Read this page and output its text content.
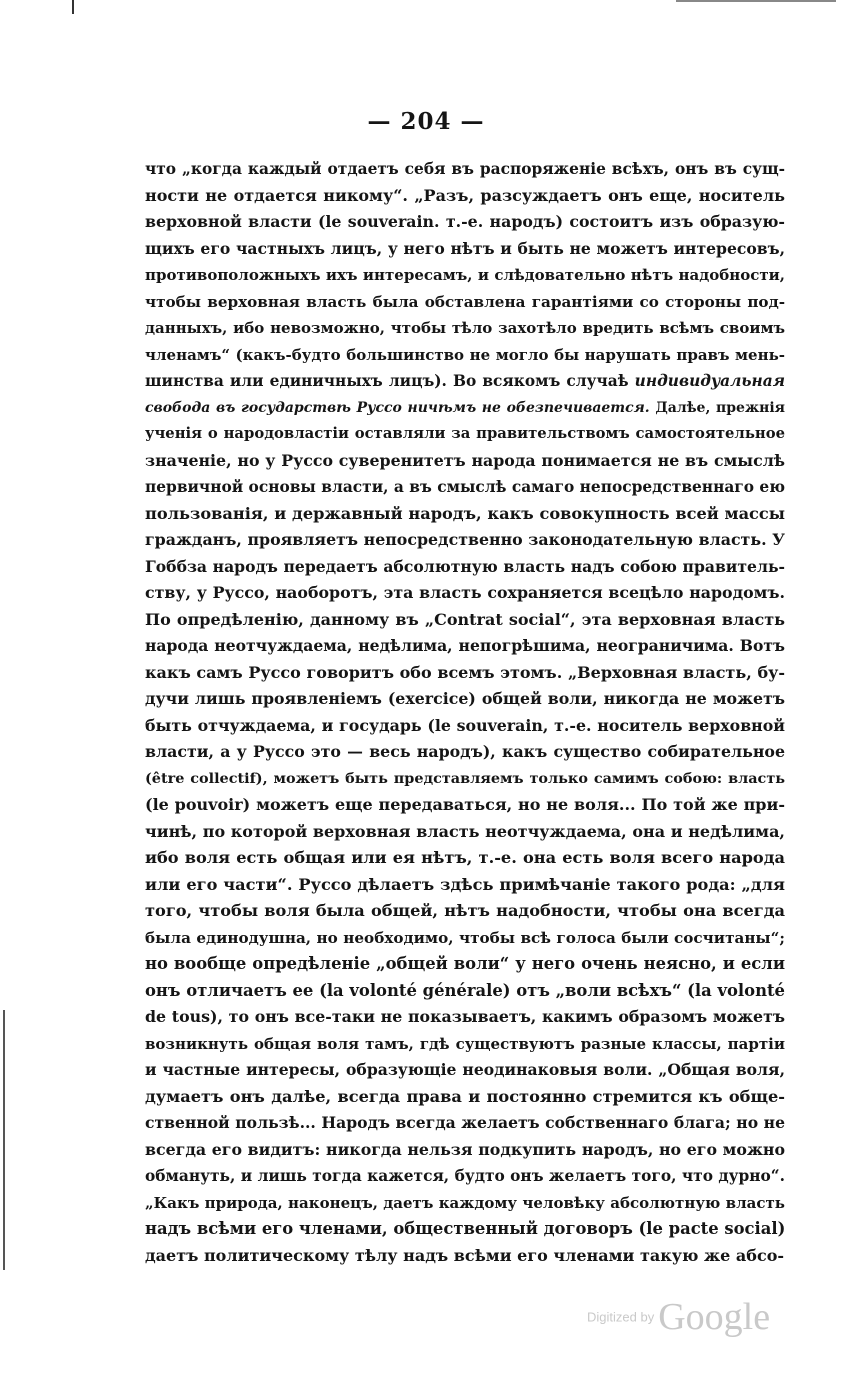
— 204 —
что „когда каждый отдаетъ себя въ распоряженіе всѣхъ, онъ въ сущ-
ности не отдается никому“. „Разъ, разсуждаетъ онъ еще, носитель
верховной власти (le souverain. т.-е. народъ) состоитъ изъ образую-
щихъ его частныхъ лицъ, у него нѣтъ и быть не можетъ интересовъ,
противоположныхъ ихъ интересамъ, и слѣдовательно нѣтъ надобности,
чтобы верховная власть была обставлена гарантіями со стороны под-
данныхъ, ибо невозможно, чтобы тѣло захотѣло вредить всѣмъ своимъ
членамъ“ (какъ-будто большинство не могло бы нарушать правъ мень-
шинства или единичныхъ лицъ). Во всякомъ случаѣ индивидуальная
свобода въ государствѣ Руссо ничѣмъ не обезпечивается. Далѣе, прежнія
ученія о народовластіи оставляли за правительствомъ самостоятельное
значеніе, но у Руссо суверенитетъ народа понимается не въ смыслѣ
первичной основы власти, а въ смыслѣ самаго непосредственнаго ею
пользованія, и державный народъ, какъ совокупность всей массы
гражданъ, проявляетъ непосредственно законодательную власть. У
Гоббза народъ передаетъ абсолютную власть надъ собою правитель-
ству, у Руссо, наоборотъ, эта власть сохраняется всецѣло народомъ.
По опредѣленію, данному въ „Contrat social“, эта верховная власть
народа неотчуждаема, недѣлима, непогрѣшима, неограничима. Вотъ
какъ самъ Руссо говоритъ обо всемъ этомъ. „Верховная власть, бу-
дучи лишь проявленіемъ (exercice) общей воли, никогда не можетъ
быть отчуждаема, и государь (le souverain, т.-е. носитель верховной
власти, а у Руссо это — весь народъ), какъ существо собирательное
(être collectif), можетъ быть представляемъ только самимъ собою: власть
(le pouvoir) можетъ еще передаваться, но не воля... По той же при-
чинѣ, по которой верховная власть неотчуждаема, она и недѣлима,
ибо воля есть общая или ея нѣтъ, т.-е. она есть воля всего народа
или его части“. Руссо дѣлаетъ здѣсь примѣчаніе такого рода: „для
того, чтобы воля была общей, нѣтъ надобности, чтобы она всегда
была единодушна, но необходимо, чтобы всѣ голоса были сосчитаны“;
но вообще опредѣленіе „общей воли“ у него очень неясно, и если
онъ отличаетъ ее (la volonté générale) отъ „воли всѣхъ“ (la volonté
de tous), то онъ все-таки не показываетъ, какимъ образомъ можетъ
возникнуть общая воля тамъ, гдѣ существуютъ разные классы, партіи
и частные интересы, образующіе неодинаковыя воли. „Общая воля,
думаетъ онъ далѣе, всегда права и постоянно стремится къ обще-
ственной пользѣ... Народъ всегда желаетъ собственнаго блага; но не
всегда его видитъ: никогда нельзя подкупить народъ, но его можно
обмануть, и лишь тогда кажется, будто онъ желаетъ того, что дурно“.
„Какъ природа, наконецъ, даетъ каждому человѣку абсолютную власть
надъ всѣми его членами, общественный договоръ (le pacte social)
даетъ политическому тѣлу надъ всѣми его членами такую же абсо-
Digitized by Google
